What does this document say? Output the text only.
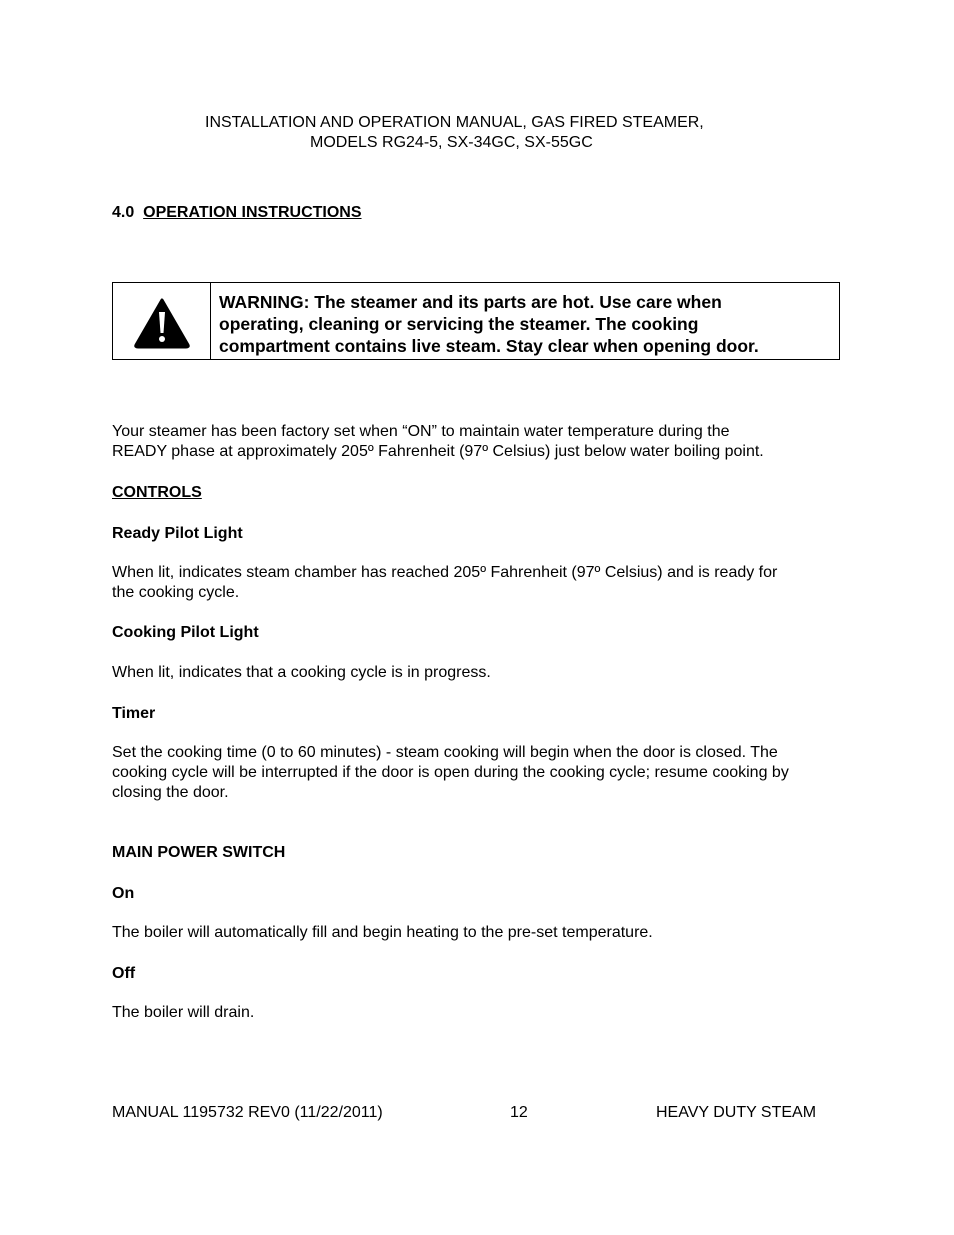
INSTALLATION AND OPERATION MANUAL, GAS FIRED STEAMER,
MODELS RG24-5, SX-34GC, SX-55GC
4.0 OPERATION INSTRUCTIONS
WARNING: The steamer and its parts are hot. Use care when
operating, cleaning or servicing the steamer. The cooking
compartment contains live steam. Stay clear when opening door.
Your steamer has been factory set when “ON” to maintain water temperature during the
READY phase at approximately 205º Fahrenheit (97º Celsius) just below water boiling point.
CONTROLS
Ready Pilot Light
When lit, indicates steam chamber has reached 205º Fahrenheit (97º Celsius) and is ready for
the cooking cycle.
Cooking Pilot Light
When lit, indicates that a cooking cycle is in progress.
Timer
Set the cooking time (0 to 60 minutes) - steam cooking will begin when the door is closed. The
cooking cycle will be interrupted if the door is open during the cooking cycle; resume cooking by
closing the door.
MAIN POWER SWITCH
On
The boiler will automatically fill and begin heating to the pre-set temperature.
Off
The boiler will drain.
MANUAL 1195732 REV0 (11/22/2011)	12	HEAVY DUTY STEAM
